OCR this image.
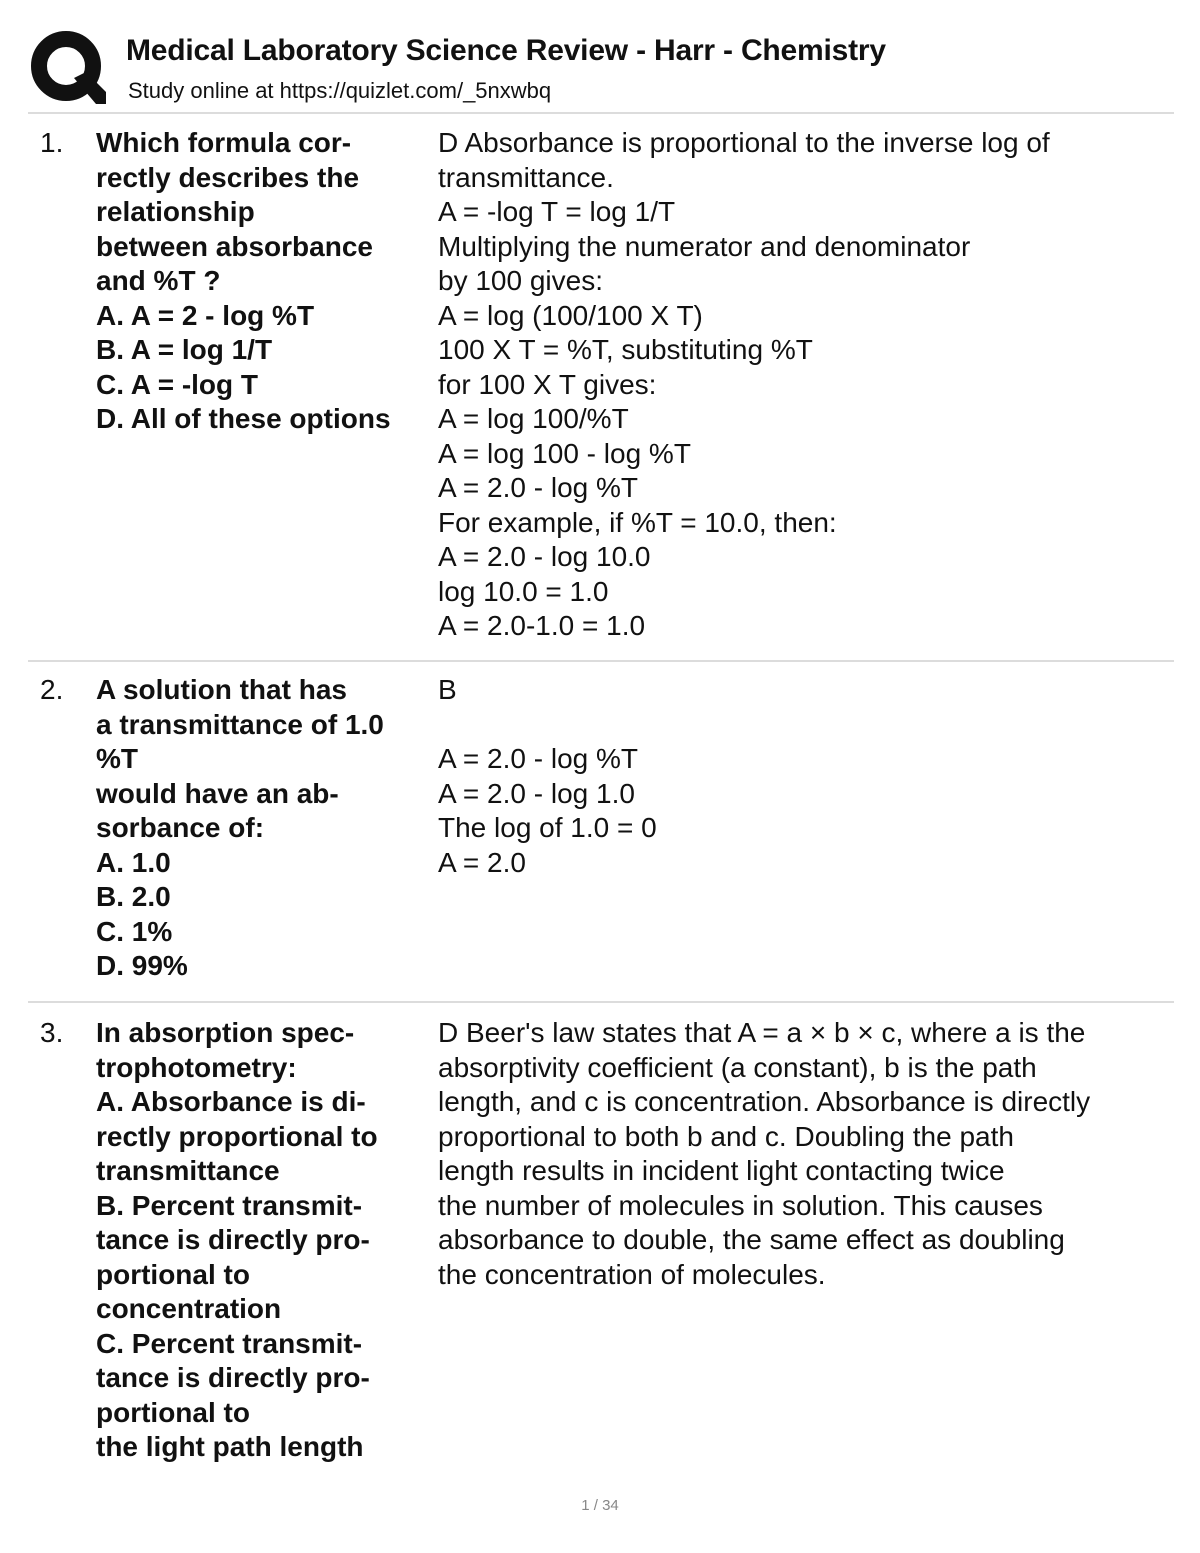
Medical Laboratory Science Review - Harr - Chemistry
Study online at https://quizlet.com/_5nxwbq
1. Which formula cor-
rectly describes the
relationship
between absorbance
and %T ?
A. A = 2 - log %T
B. A = log 1/T
C. A = -log T
D. All of these options
D Absorbance is proportional to the inverse log of
transmittance.
A = -log T = log 1/T
Multiplying the numerator and denominator
by 100 gives:
A = log (100/100 X T)
100 X T = %T, substituting %T
for 100 X T gives:
A = log 100/%T
A = log 100 - log %T
A = 2.0 - log %T
For example, if %T = 10.0, then:
A = 2.0 - log 10.0
log 10.0 = 1.0
A = 2.0-1.0 = 1.0
2. A solution that has
a transmittance of 1.0
%T
would have an ab-
sorbance of:
A. 1.0
B. 2.0
C. 1%
D. 99%
B

A = 2.0 - log %T
A = 2.0 - log 1.0
The log of 1.0 = 0
A = 2.0
3. In absorption spec-
trophotometry:
A. Absorbance is di-
rectly proportional to
transmittance
B. Percent transmit-
tance is directly pro-
portional to
concentration
C. Percent transmit-
tance is directly pro-
portional to
the light path length
D Beer's law states that A = a × b × c, where a is the
absorptivity coefficient (a constant), b is the path
length, and c is concentration. Absorbance is directly
proportional to both b and c. Doubling the path
length results in incident light contacting twice
the number of molecules in solution. This causes
absorbance to double, the same effect as doubling
the concentration of molecules.
1 / 34
